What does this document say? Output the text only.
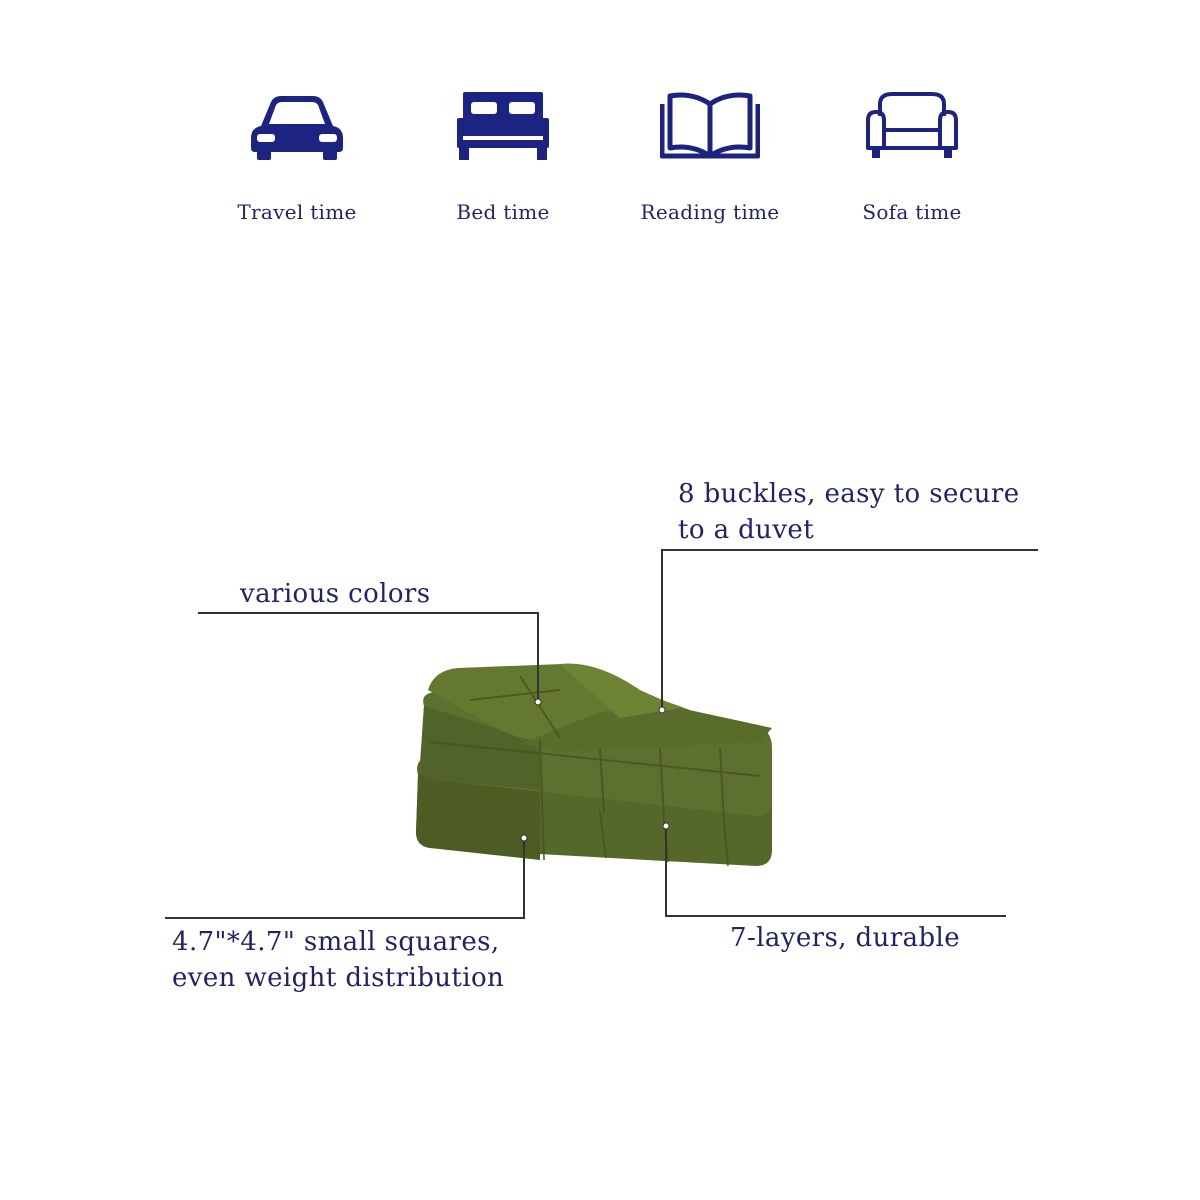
Travel time	Bed time	Reading time	Sofa time
8 buckles, easy to secure
to a duvet
various colors
4.7"*4.7" small squares,
even weight distribution
7-layers, durable
